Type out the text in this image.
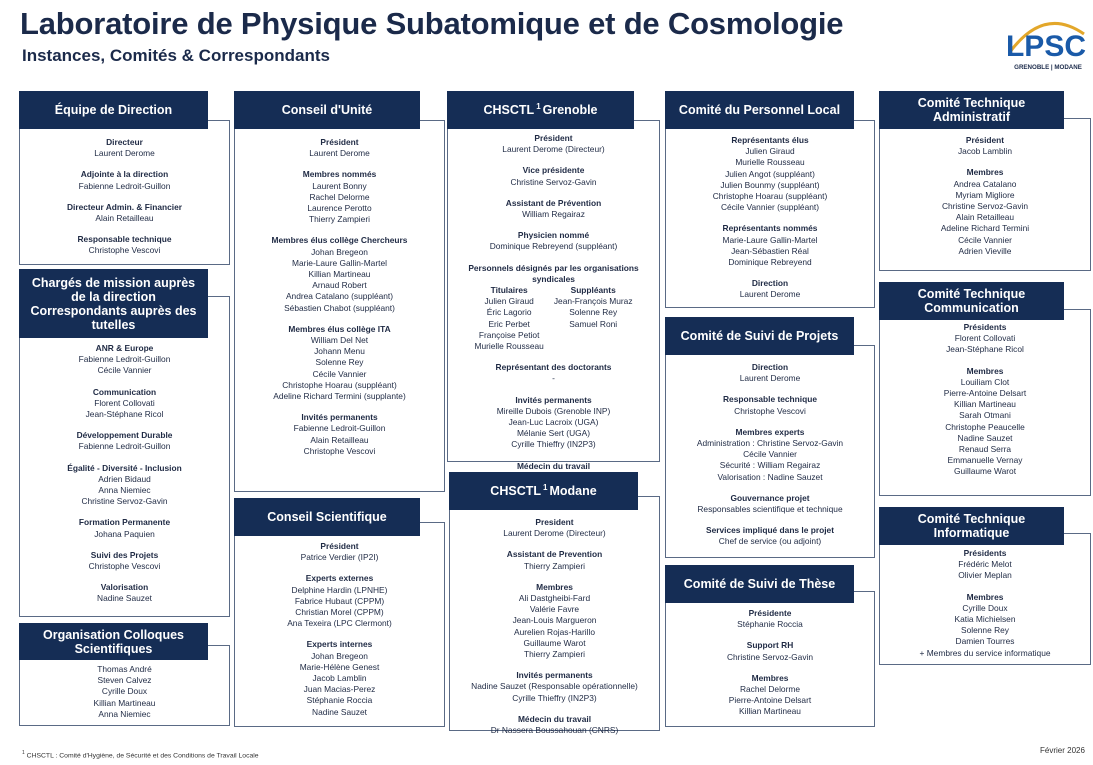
Laboratoire de Physique Subatomique et de Cosmologie
Instances, Comités & Correspondants	LPSC
GRENOBLE | MODANE
Directeur
Laurent Derome
Adjointe à la direction
Fabienne Ledroit-Guillon
Directeur Admin. & Financier
Alain Retailleau
Responsable technique
Christophe Vescovi
Équipe de Direction
ANR & Europe
Fabienne Ledroit-Guillon
Cécile Vannier
Communication
Florent Collovati
Jean-Stéphane Ricol
Développement Durable
Fabienne Ledroit-Guillon
Égalité - Diversité - Inclusion
Adrien Bidaud
Anna Niemiec
Christine Servoz-Gavin
Formation Permanente
Johana Paquien
Suivi des Projets
Christophe Vescovi
Valorisation
Nadine Sauzet
Chargés de mission auprès de la direction Correspondants auprès des tutelles
Thomas André
Steven Calvez
Cyrille Doux
Killian Martineau
Anna Niemiec
Organisation Colloques Scientifiques
Président
Laurent Derome
Membres nommés
Laurent Bonny
Rachel Delorme
Laurence Perotto
Thierry Zampieri
Membres élus collège Chercheurs
Johan Bregeon
Marie-Laure Gallin-Martel
Killian Martineau
Arnaud Robert
Andrea Catalano (suppléant)
Sébastien Chabot (suppléant)
Membres élus collège ITA
William Del Net
Johann Menu
Solenne Rey
Cécile Vannier
Christophe Hoarau (suppléant)
Adeline Richard Termini (supplante)
Invités permanents
Fabienne Ledroit-Guillon
Alain Retailleau
Christophe Vescovi
Conseil d'Unité
Président
Patrice Verdier (IP2I)
Experts externes
Delphine Hardin (LPNHE)
Fabrice Hubaut (CPPM)
Christian Morel (CPPM)
Ana Texeira (LPC Clermont)
Experts internes
Johan Bregeon
Marie-Hélène Genest
Jacob Lamblin
Juan Macias-Perez
Stéphanie Roccia
Nadine Sauzet
Conseil Scientifique
Président
Laurent Derome (Directeur)
Vice présidente
Christine Servoz-Gavin
Assistant de Prévention
William Regairaz
Physicien nommé
Dominique Rebreyend (suppléant)
Personnels désignés par les organisations syndicales
Titulaires
Julien Giraud
Éric Lagorio
Eric Perbet
Françoise Petiot
Murielle Rousseau
Suppléants
Jean-François Muraz
Solenne Rey
Samuel Roni
Représentant des doctorants
-
Invités permanents
Mireille Dubois (Grenoble INP)
Jean-Luc Lacroix (UGA)
Mélanie Sert (UGA)
Cyrille Thieffry (IN2P3)
Médecin du travail
CHSCTL $^1$ Grenoble
President
Laurent Derome (Directeur)
Assistant de Prevention
Thierry Zampieri
Membres
Ali Dastgheibi-Fard
Valérie Favre
Jean-Louis Margueron
Aurelien Rojas-Harillo
Guillaume Warot
Thierry Zampieri
Invités permanents
Nadine Sauzet (Responsable opérationnelle)
Cyrille Thieffry (IN2P3)
Médecin du travail
Dr Nassera Boussahouan (CNRS)
CHSCTL $^1$ Modane
Représentants élus
Julien Giraud
Murielle Rousseau
Julien Angot (suppléant)
Julien Bounmy (suppléant)
Christophe Hoarau (suppléant)
Cécile Vannier (suppléant)
Représentants nommés
Marie-Laure Gallin-Martel
Jean-Sébastien Réal
Dominique Rebreyend
Direction
Laurent Derome
Comité du Personnel Local
Direction
Laurent Derome
Responsable technique
Christophe Vescovi
Membres experts
Administration : Christine Servoz-Gavin
Cécile Vannier
Sécurité : William Regairaz
Valorisation : Nadine Sauzet
Gouvernance projet
Responsables scientifique et technique
Services impliqué dans le projet
Chef de service (ou adjoint)
Comité de Suivi de Projets
Présidente
Stéphanie Roccia
Support RH
Christine Servoz-Gavin
Membres
Rachel Delorme
Pierre-Antoine Delsart
Killian Martineau
Comité de Suivi de Thèse
Président
Jacob Lamblin
Membres
Andrea Catalano
Myriam Migliore
Christine Servoz-Gavin
Alain Retailleau
Adeline Richard Termini
Cécile Vannier
Adrien Vieville
Comité Technique Administratif
Présidents
Florent Collovati
Jean-Stéphane Ricol
Membres
Louiliam Clot
Pierre-Antoine Delsart
Killian Martineau
Sarah Otmani
Christophe Peaucelle
Nadine Sauzet
Renaud Serra
Emmanuelle Vernay
Guillaume Warot
Comité Technique Communication
Présidents
Frédéric Melot
Olivier Meplan
Membres
Cyrille Doux
Katia Michielsen
Solenne Rey
Damien Tourres
+ Membres du service informatique
Comité Technique Informatique
$^1$ CHSCTL : Comité d'Hygiène, de Sécurité et des Conditions de Travail Locale
Février 2026
